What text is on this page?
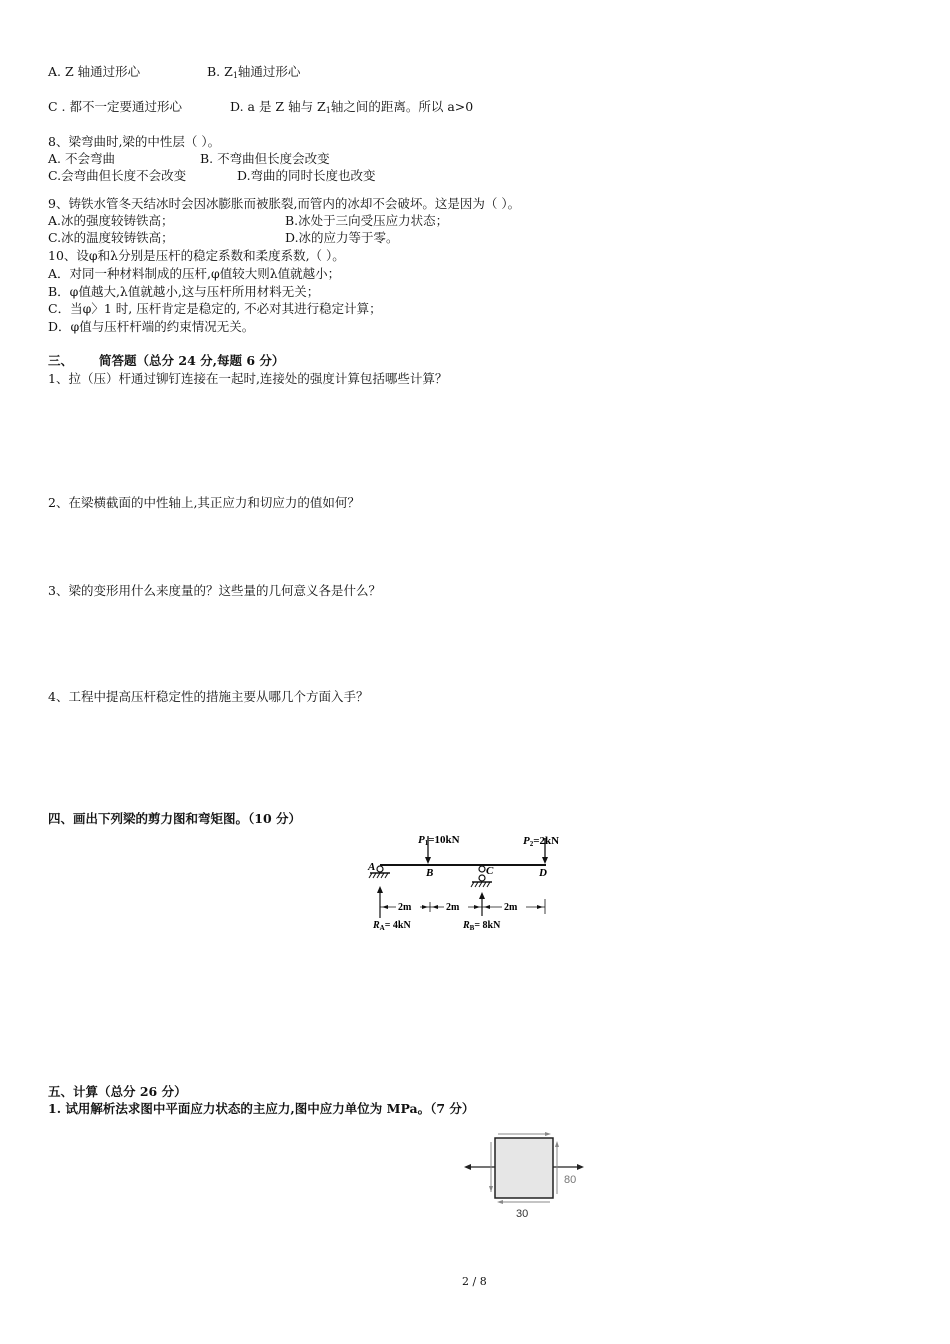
A. Z 轴通过形心	B. $Z_1$轴通过形心
C . 都不一定要通过形心	D. a 是 Z 轴与 $Z_1$轴之间的距离。所以 a>0
8、梁弯曲时,梁的中性层（ ）。
A. 不会弯曲	B. 不弯曲但长度会改变
C.会弯曲但长度不会改变	D.弯曲的同时长度也改变
9、铸铁水管冬天结冰时会因冰膨胀而被胀裂,而管内的冰却不会破坏。这是因为（ ）。
A.冰的强度较铸铁高；	B.冰处于三向受压应力状态；
C.冰的温度较铸铁高；	D.冰的应力等于零。
10、设φ和λ分别是压杆的稳定系数和柔度系数,（ ）。
A．对同一种材料制成的压杆,φ值较大则λ值就越小；
B．φ值越大,λ值就越小,这与压杆所用材料无关；
C．当φ〉1 时, 压杆肯定是稳定的, 不必对其进行稳定计算；
D．φ值与压杆杆端的约束情况无关。
三、 简答题（总分 24 分,每题 6 分）
1、拉（压）杆通过铆钉连接在一起时,连接处的强度计算包括哪些计算？
2、在梁横截面的中性轴上,其正应力和切应力的值如何？
3、梁的变形用什么来度量的？这些量的几何意义各是什么？
4、工程中提高压杆稳定性的措施主要从哪几个方面入手？
四、画出下列梁的剪力图和弯矩图。（10 分）
A	B	C	D
P1=10kN	P2=2kN
2m	2m	2m
$R_A= 4kN$	$R_B= 8kN$
五、计算（总分 26 分）
1. 试用解析法求图中平面应力状态的主应力,图中应力单位为 MPa。（7 分）
80
30
2 / 8
